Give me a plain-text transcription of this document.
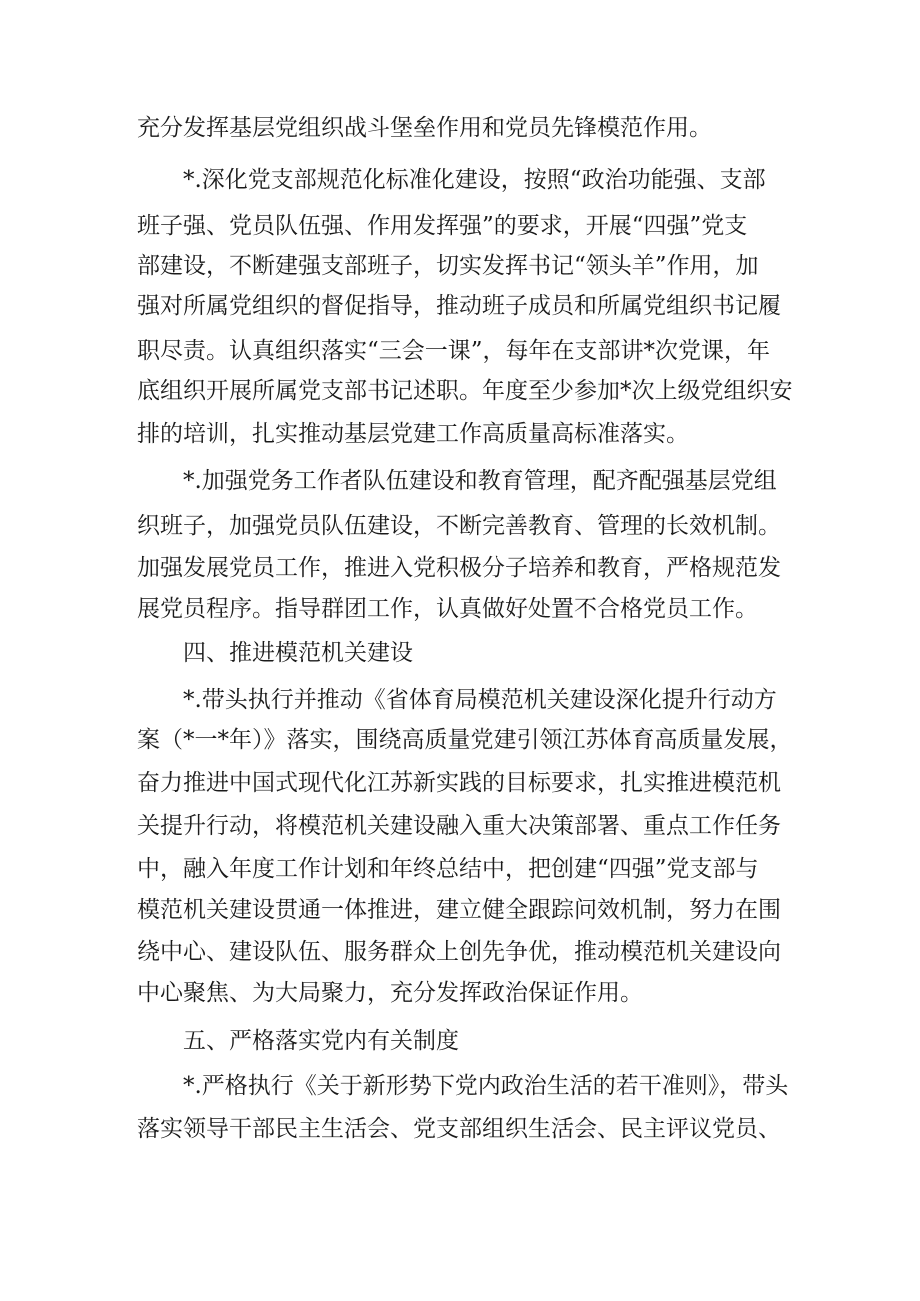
充分发挥基层党组织战斗堡垒作用和党员先锋模范作用。
*.深化党支部规范化标准化建设，按照“政治功能强、支部
班子强、党员队伍强、作用发挥强”的要求，开展“四强”党支
部建设，不断建强支部班子，切实发挥书记“领头羊”作用，加
强对所属党组织的督促指导，推动班子成员和所属党组织书记履
职尽责。认真组织落实“三会一课”，每年在支部讲*次党课，年
底组织开展所属党支部书记述职。年度至少参加*次上级党组织安
排的培训，扎实推动基层党建工作高质量高标准落实。
*.加强党务工作者队伍建设和教育管理，配齐配强基层党组
织班子，加强党员队伍建设，不断完善教育、管理的长效机制。
加强发展党员工作，推进入党积极分子培养和教育，严格规范发
展党员程序。指导群团工作，认真做好处置不合格党员工作。
四、推进模范机关建设
*.带头执行并推动《省体育局模范机关建设深化提升行动方
案（*一*年）》落实，围绕高质量党建引领江苏体育高质量发展，
奋力推进中国式现代化江苏新实践的目标要求，扎实推进模范机
关提升行动，将模范机关建设融入重大决策部署、重点工作任务
中，融入年度工作计划和年终总结中，把创建“四强”党支部与
模范机关建设贯通一体推进，建立健全跟踪问效机制，努力在围
绕中心、建设队伍、服务群众上创先争优，推动模范机关建设向
中心聚焦、为大局聚力，充分发挥政治保证作用。
五、严格落实党内有关制度
*.严格执行《关于新形势下党内政治生活的若干准则》，带头
落实领导干部民主生活会、党支部组织生活会、民主评议党员、
